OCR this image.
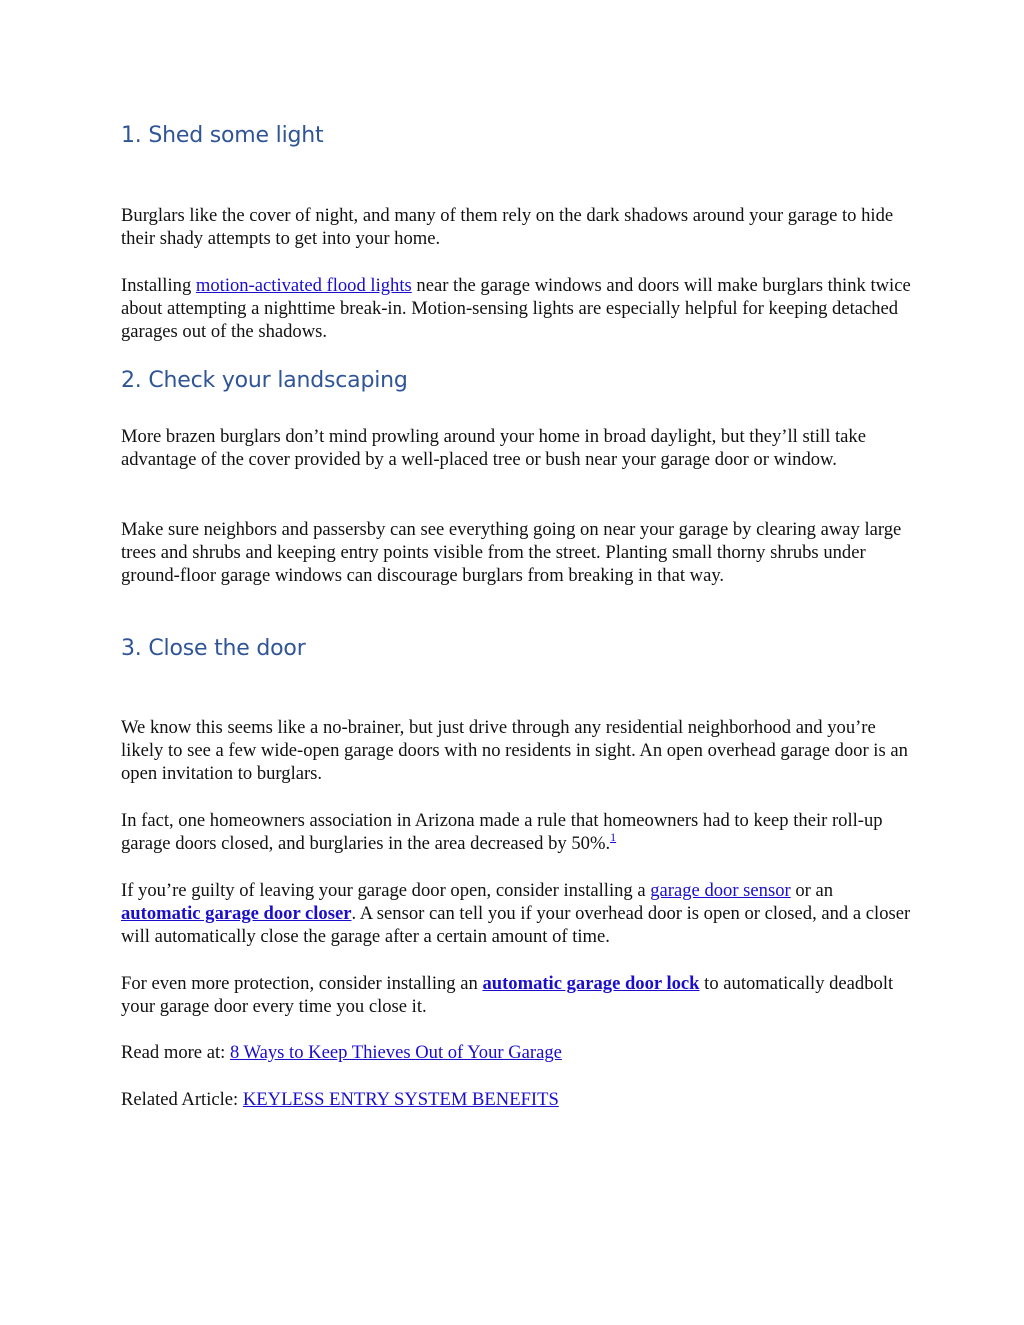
1. Shed some light

Burglars like the cover of night, and many of them rely on the dark shadows around your garage to hide their shady attempts to get into your home.

Installing motion-activated flood lights near the garage windows and doors will make burglars think twice about attempting a nighttime break-in. Motion-sensing lights are especially helpful for keeping detached garages out of the shadows.

2. Check your landscaping

More brazen burglars don’t mind prowling around your home in broad daylight, but they’ll still take advantage of the cover provided by a well-placed tree or bush near your garage door or window.

Make sure neighbors and passersby can see everything going on near your garage by clearing away large trees and shrubs and keeping entry points visible from the street. Planting small thorny shrubs under ground-floor garage windows can discourage burglars from breaking in that way.

3. Close the door

We know this seems like a no-brainer, but just drive through any residential neighborhood and you’re likely to see a few wide-open garage doors with no residents in sight. An open overhead garage door is an open invitation to burglars.

In fact, one homeowners association in Arizona made a rule that homeowners had to keep their roll-up garage doors closed, and burglaries in the area decreased by 50%.$^1$

If you’re guilty of leaving your garage door open, consider installing a garage door sensor or an automatic garage door closer. A sensor can tell you if your overhead door is open or closed, and a closer will automatically close the garage after a certain amount of time.

For even more protection, consider installing an automatic garage door lock to automatically deadbolt your garage door every time you close it.

Read more at: 8 Ways to Keep Thieves Out of Your Garage

Related Article: KEYLESS ENTRY SYSTEM BENEFITS
